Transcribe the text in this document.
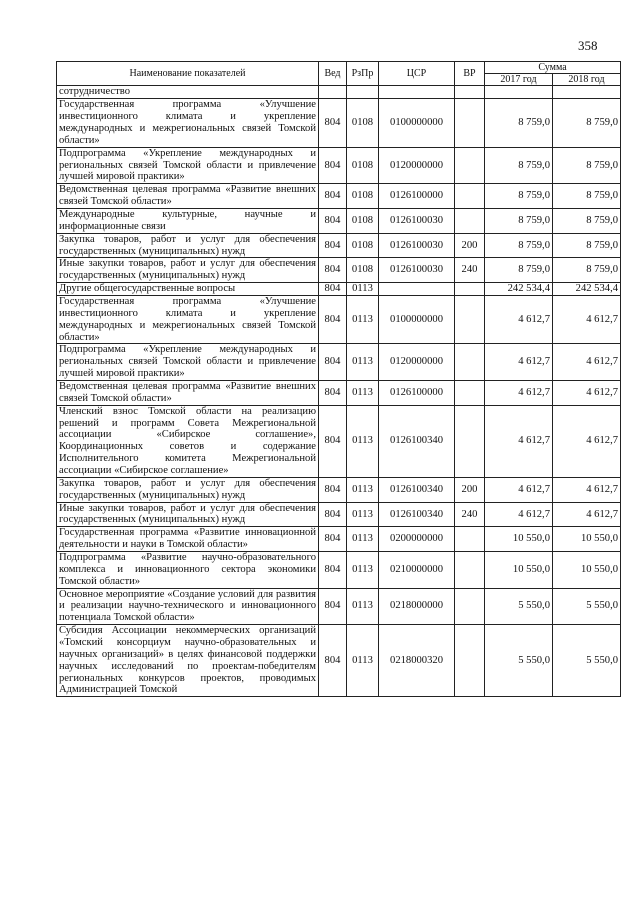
358
Наименование показателей	Вед	РзПр	ЦСР	ВР	Сумма	
					2017 год	2018 год
сотрудничество						
Государственная программа «Улучшение инвестиционного климата и укрепление международных и межрегиональных связей Томской области»	804	0108	0100000000		8 759,0	8 759,0
Подпрограмма «Укрепление международных и региональных связей Томской области и привлечение лучшей мировой практики»	804	0108	0120000000		8 759,0	8 759,0
Ведомственная целевая программа «Развитие внешних связей Томской области»	804	0108	0126100000		8 759,0	8 759,0
Международные культурные, научные и информационные связи	804	0108	0126100030		8 759,0	8 759,0
Закупка товаров, работ и услуг для обеспечения государственных (муниципальных) нужд	804	0108	0126100030	200	8 759,0	8 759,0
Иные закупки товаров, работ и услуг для обеспечения государственных (муниципальных) нужд	804	0108	0126100030	240	8 759,0	8 759,0
Другие общегосударственные вопросы	804	0113			242 534,4	242 534,4
Государственная программа «Улучшение инвестиционного климата и укрепление международных и межрегиональных связей Томской области»	804	0113	0100000000		4 612,7	4 612,7
Подпрограмма «Укрепление международных и региональных связей Томской области и привлечение лучшей мировой практики»	804	0113	0120000000		4 612,7	4 612,7
Ведомственная целевая программа «Развитие внешних связей Томской области»	804	0113	0126100000		4 612,7	4 612,7
Членский взнос Томской области на реализацию решений и программ Совета Межрегиональной ассоциации «Сибирское соглашение», Координационных советов и содержание Исполнительного комитета Межрегиональной ассоциации «Сибирское соглашение»	804	0113	0126100340		4 612,7	4 612,7
Закупка товаров, работ и услуг для обеспечения государственных (муниципальных) нужд	804	0113	0126100340	200	4 612,7	4 612,7
Иные закупки товаров, работ и услуг для обеспечения государственных (муниципальных) нужд	804	0113	0126100340	240	4 612,7	4 612,7
Государственная программа «Развитие инновационной деятельности и науки в Томской области»	804	0113	0200000000		10 550,0	10 550,0
Подпрограмма «Развитие научно-образовательного комплекса и инновационного сектора экономики Томской области»	804	0113	0210000000		10 550,0	10 550,0
Основное мероприятие «Создание условий для развития и реализации научно-технического и инновационного потенциала Томской области»	804	0113	0218000000		5 550,0	5 550,0
Субсидия Ассоциации некоммерческих организаций «Томский консорциум научно-образовательных и научных организаций» в целях финансовой поддержки научных исследований по проектам-победителям региональных конкурсов проектов, проводимых Администрацией Томской	804	0113	0218000320		5 550,0	5 550,0
